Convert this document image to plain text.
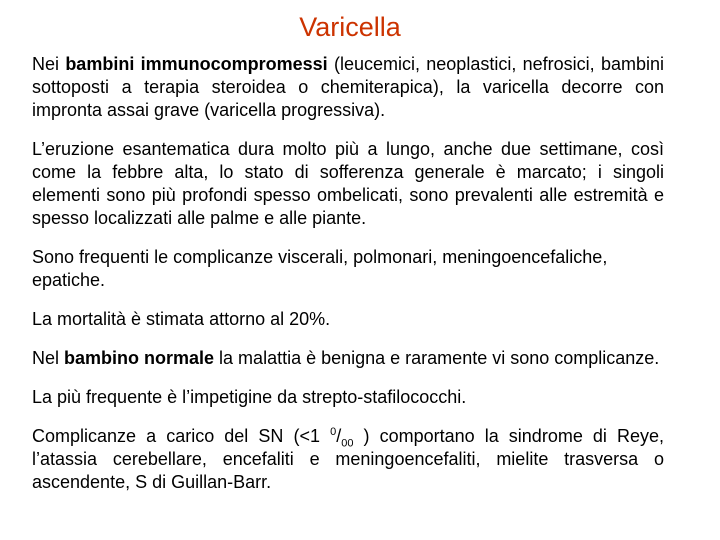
Varicella

Nei bambini immunocompromessi (leucemici, neoplastici, nefrosici, bambini sottoposti a terapia steroidea o chemiterapica), la varicella decorre con impronta assai grave (varicella progressiva).

L’eruzione esantematica dura molto più a lungo, anche due settimane, così come la febbre alta, lo stato di sofferenza generale è marcato; i singoli elementi sono più profondi spesso ombelicati, sono prevalenti alle estremità e spesso localizzati alle palme e alle piante.

Sono frequenti le complicanze viscerali, polmonari, meningoencefaliche, epatiche.

La mortalità è stimata attorno al 20%.

Nel bambino normale la malattia è benigna e raramente vi sono complicanze.

La più frequente è l’impetigine da strepto-stafilococchi.

Complicanze a carico del SN (<1 $^0/_{00}$ ) comportano la sindrome di Reye, l’atassia cerebellare, encefaliti e meningoencefaliti, mielite trasversa o ascendente, S di Guillan-Barr.
